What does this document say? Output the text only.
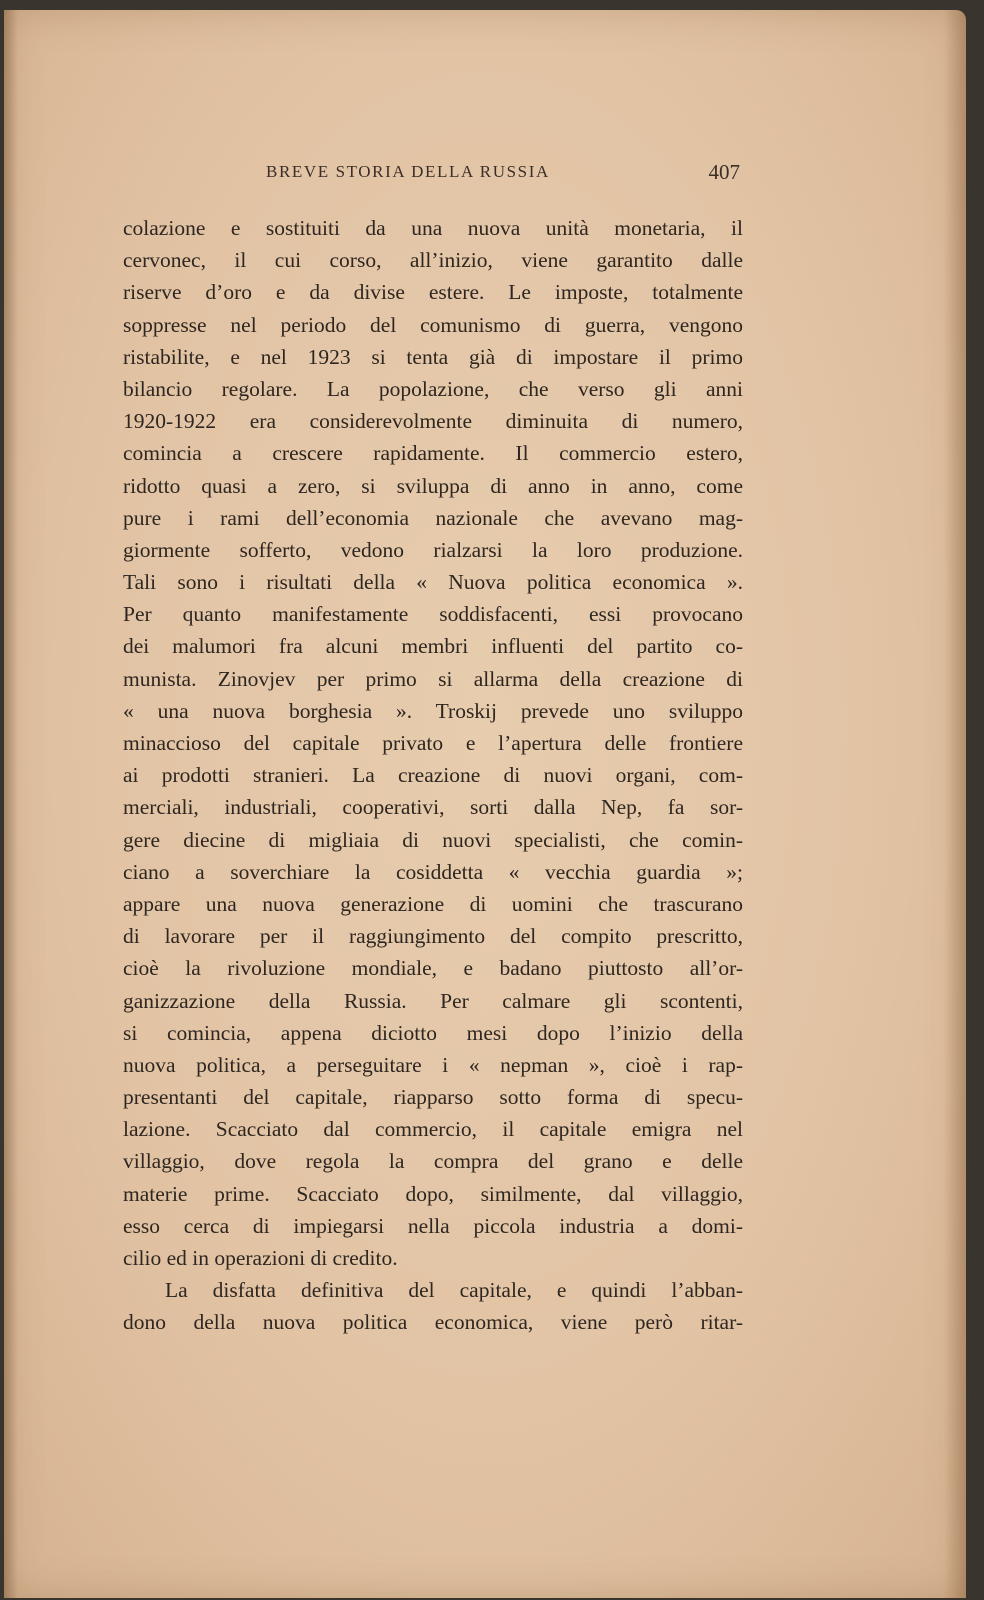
BREVE STORIA DELLA RUSSIA	407
colazione e sostituiti da una nuova unità monetaria, il
cervonec, il cui corso, all’inizio, viene garantito dalle
riserve d’oro e da divise estere. Le imposte, totalmente
soppresse nel periodo del comunismo di guerra, vengono
ristabilite, e nel 1923 si tenta già di impostare il primo
bilancio regolare. La popolazione, che verso gli anni
1920-1922 era considerevolmente diminuita di numero,
comincia a crescere rapidamente. Il commercio estero,
ridotto quasi a zero, si sviluppa di anno in anno, come
pure i rami dell’economia nazionale che avevano mag-
giormente sofferto, vedono rialzarsi la loro produzione.
Tali sono i risultati della « Nuova politica economica ».
Per quanto manifestamente soddisfacenti, essi provocano
dei malumori fra alcuni membri influenti del partito co-
munista. Zinovjev per primo si allarma della creazione di
« una nuova borghesia ». Troskij prevede uno sviluppo
minaccioso del capitale privato e l’apertura delle frontiere
ai prodotti stranieri. La creazione di nuovi organi, com-
merciali, industriali, cooperativi, sorti dalla Nep, fa sor-
gere diecine di migliaia di nuovi specialisti, che comin-
ciano a soverchiare la cosiddetta « vecchia guardia »;
appare una nuova generazione di uomini che trascurano
di lavorare per il raggiungimento del compito prescritto,
cioè la rivoluzione mondiale, e badano piuttosto all’or-
ganizzazione della Russia. Per calmare gli scontenti,
si comincia, appena diciotto mesi dopo l’inizio della
nuova politica, a perseguitare i « nepman », cioè i rap-
presentanti del capitale, riapparso sotto forma di specu-
lazione. Scacciato dal commercio, il capitale emigra nel
villaggio, dove regola la compra del grano e delle
materie prime. Scacciato dopo, similmente, dal villaggio,
esso cerca di impiegarsi nella piccola industria a domi-
cilio ed in operazioni di credito.
La disfatta definitiva del capitale, e quindi l’abban-
dono della nuova politica economica, viene però ritar-
